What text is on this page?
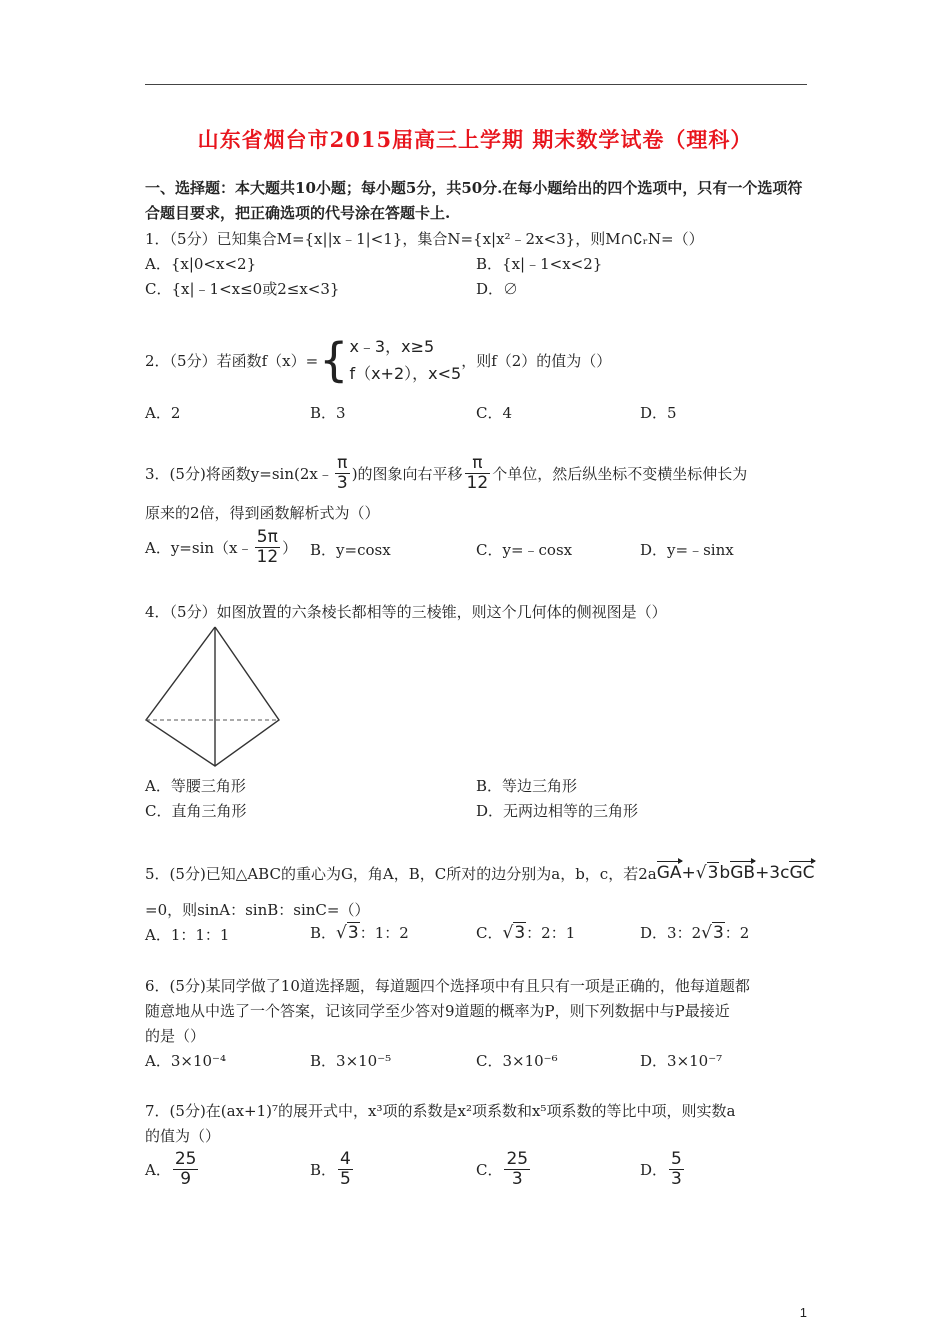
山东省烟台市2015届高三上学期 期末数学试卷（理科）
一、选择题：本大题共10小题；每小题5分，共50分.在每小题给出的四个选项中，只有一个选项符合题目要求，把正确选项的代号涂在答题卡上.
1．（5分）已知集合M={x||x﹣1|<1}，集合N={x|x²﹣2x<3}，则M∩∁ᵣN=（）
A．{x|0<x<2}	B．{x|﹣1<x<2}
C．{x|﹣1<x≤0或2≤x<3}	D．∅
2．（5分）若函数f（x）= { x﹣3，x≥5
f（x+2），x<5
，则f（2）的值为（）
A．2	B．3	C．4	D．5
3．(5分)将函数y=sin(2x﹣ $\frac{\pi}{3}$ )的图象向右平移 $\frac{\pi}{12}$ 个单位，然后纵坐标不变横坐标伸长为
原来的2倍，得到函数解析式为（）
A．y=sin（x﹣ $\frac{5\pi}{12}$ ） B．y=cosx	C．y=﹣cosx	D．y=﹣sinx
4．（5分）如图放置的六条棱长都相等的三棱锥，则这个几何体的侧视图是（）
A．等腰三角形	B．等边三角形
C．直角三角形	D．无两边相等的三角形
5．(5分)已知△ABC的重心为G，角A，B，C所对的边分别为a，b，c，若2a GA + √3 b GB +3c GC
=0，则sinA：sinB：sinC=（）
A．1：1：1	B．√3：1：2	C．√3：2：1	D．3：2√3：2
6．(5分)某同学做了10道选择题，每道题四个选择项中有且只有一项是正确的，他每道题都
随意地从中选了一个答案，记该同学至少答对9道题的概率为P，则下列数据中与P最接近
的是（）
A．3×10⁻⁴	B．3×10⁻⁵	C．3×10⁻⁶	D．3×10⁻⁷
7．(5分)在(ax+1)⁷的展开式中，x³项的系数是x²项系数和x⁵项系数的等比中项，则实数a
的值为（）
A． $\frac{25}{9}$	B． $\frac{4}{5}$	C． $\frac{25}{3}$	D． $\frac{5}{3}$
1
